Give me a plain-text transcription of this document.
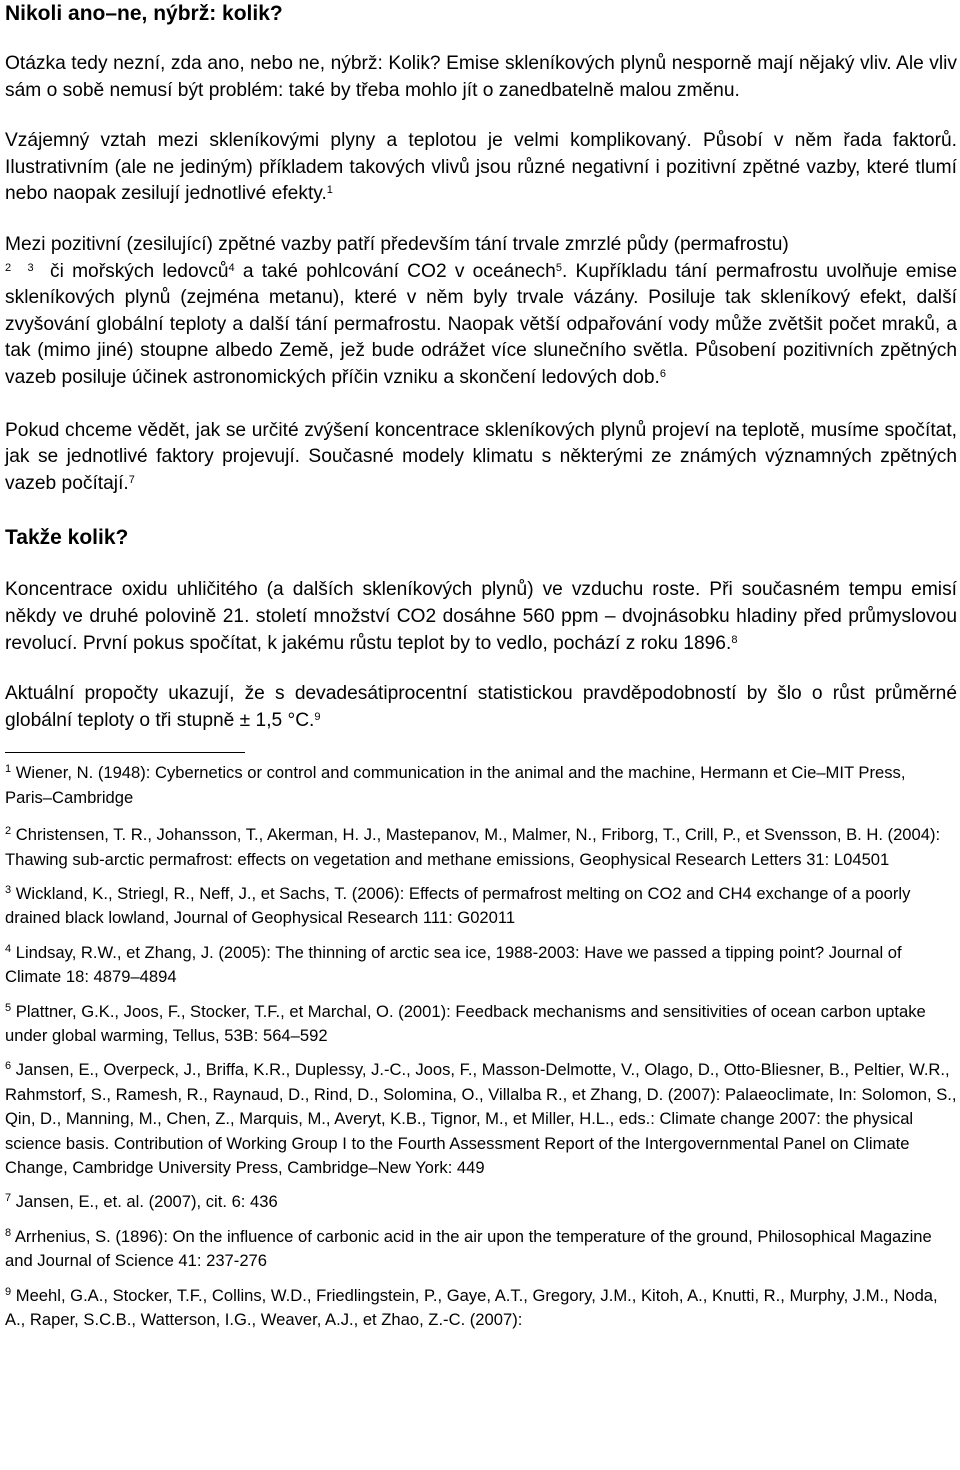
Nikoli ano–ne, nýbrž: kolik?

Otázka tedy nezní, zda ano, nebo ne, nýbrž: Kolik? Emise skleníkových plynů nesporně mají nějaký vliv. Ale vliv sám o sobě nemusí být problém: také by třeba mohlo jít o zanedbatelně malou změnu.

Vzájemný vztah mezi skleníkovými plyny a teplotou je velmi komplikovaný. Působí v něm řada faktorů. Ilustrativním (ale ne jediným) příkladem takových vlivů jsou různé negativní i pozitivní zpětné vazby, které tlumí nebo naopak zesilují jednotlivé efekty.$^1$

Mezi pozitivní (zesilující) zpětné vazby patří především tání trvale zmrzlé půdy (permafrostu)
$^2$ $^3$ či mořských ledovců$^4$ a také pohlcování CO2 v oceánech$^5$. Kupříkladu tání permafrostu uvolňuje emise skleníkových plynů (zejména metanu), které v něm byly trvale vázány. Posiluje tak skleníkový efekt, další zvyšování globální teploty a další tání permafrostu. Naopak větší odpařování vody může zvětšit počet mraků, a tak (mimo jiné) stoupne albedo Země, jež bude odrážet více slunečního světla. Působení pozitivních zpětných vazeb posiluje účinek astronomických příčin vzniku a skončení ledových dob.$^6$

Pokud chceme vědět, jak se určité zvýšení koncentrace skleníkových plynů projeví na teplotě, musíme spočítat, jak se jednotlivé faktory projevují. Současné modely klimatu s některými ze známých významných zpětných vazeb počítají.$^7$

Takže kolik?

Koncentrace oxidu uhličitého (a dalších skleníkových plynů) ve vzduchu roste. Při současném tempu emisí někdy ve druhé polovině 21. století množství CO2 dosáhne 560 ppm – dvojnásobku hladiny před průmyslovou revolucí. První pokus spočítat, k jakému růstu teplot by to vedlo, pochází z roku 1896.$^8$

Aktuální propočty ukazují, že s devadesátiprocentní statistickou pravděpodobností by šlo o růst průměrné globální teploty o tři stupně ± 1,5 °C.$^9$

$^1$ Wiener, N. (1948): Cybernetics or control and communication in the animal and the machine, Hermann et Cie–MIT Press, Paris–Cambridge

$^2$ Christensen, T. R., Johansson, T., Akerman, H. J., Mastepanov, M., Malmer, N., Friborg, T., Crill, P., et Svensson, B. H. (2004): Thawing sub-arctic permafrost: effects on vegetation and methane emissions, Geophysical Research Letters 31: L04501

$^3$ Wickland, K., Striegl, R., Neff, J., et Sachs, T. (2006): Effects of permafrost melting on CO2 and CH4 exchange of a poorly drained black lowland, Journal of Geophysical Research 111: G02011

$^4$ Lindsay, R.W., et Zhang, J. (2005): The thinning of arctic sea ice, 1988-2003: Have we passed a tipping point? Journal of Climate 18: 4879–4894

$^5$ Plattner, G.K., Joos, F., Stocker, T.F., et Marchal, O. (2001): Feedback mechanisms and sensitivities of ocean carbon uptake under global warming, Tellus, 53B: 564–592

$^6$ Jansen, E., Overpeck, J., Briffa, K.R., Duplessy, J.-C., Joos, F., Masson-Delmotte, V., Olago, D., Otto-Bliesner, B., Peltier, W.R., Rahmstorf, S., Ramesh, R., Raynaud, D., Rind, D., Solomina, O., Villalba R., et Zhang, D. (2007): Palaeoclimate, In: Solomon, S., Qin, D., Manning, M., Chen, Z., Marquis, M., Averyt, K.B., Tignor, M., et Miller, H.L., eds.: Climate change 2007: the physical science basis. Contribution of Working Group I to the Fourth Assessment Report of the Intergovernmental Panel on Climate Change, Cambridge University Press, Cambridge–New York: 449

$^7$ Jansen, E., et. al. (2007), cit. 6: 436

$^8$ Arrhenius, S. (1896): On the influence of carbonic acid in the air upon the temperature of the ground, Philosophical Magazine and Journal of Science 41: 237-276

$^9$ Meehl, G.A., Stocker, T.F., Collins, W.D., Friedlingstein, P., Gaye, A.T., Gregory, J.M., Kitoh, A., Knutti, R., Murphy, J.M., Noda, A., Raper, S.C.B., Watterson, I.G., Weaver, A.J., et Zhao, Z.-C. (2007):
